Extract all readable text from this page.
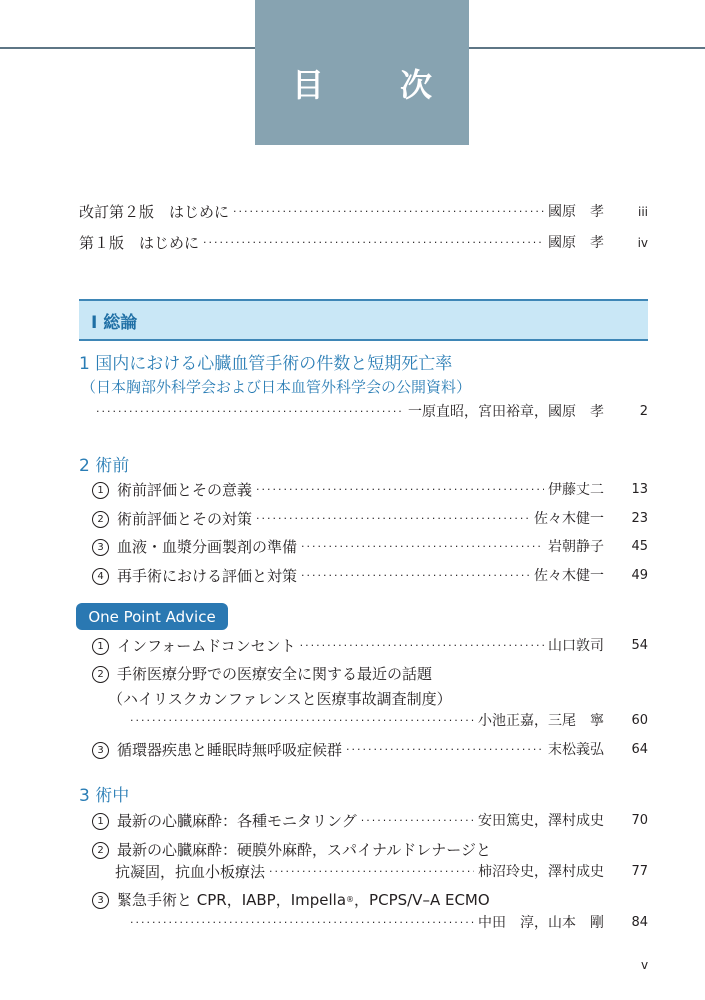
目　次
改訂第２版　はじめに ·····	國原　孝	iii
第１版　はじめに ·····	國原　孝	iv
Ⅰ 総論
1 国内における心臓血管手術の件数と短期死亡率
（日本胸部外科学会および日本血管外科学会の公開資料）
·····
一原直昭，宮田裕章，國原　孝	2
2 術前
1 術前評価とその意義 ·····	伊藤丈二	13
2 術前評価とその対策 ·····	佐々木健一	23
3 血液・血漿分画製剤の準備 ·····	岩朝静子	45
4 再手術における評価と対策 ·····	佐々木健一	49
One Point Advice
1 インフォームドコンセント ·····	山口敦司	54
2 手術医療分野での医療安全に関する最近の話題
（ハイリスクカンファレンスと医療事故調査制度）
·····
小池正嘉，三尾　寧	60
3 循環器疾患と睡眠時無呼吸症候群 ·····	末松義弘	64
3 術中
1 最新の心臓麻酔：各種モニタリング ·····	安田篤史，澤村成史	70
2 最新の心臓麻酔：硬膜外麻酔，スパイナルドレナージと
抗凝固，抗血小板療法 ·····	柿沼玲史，澤村成史	77
3 緊急手術と CPR，IABP，Impella ® ，PCPS/V–A ECMO
·····
中田　淳，山本　剛	84
v
